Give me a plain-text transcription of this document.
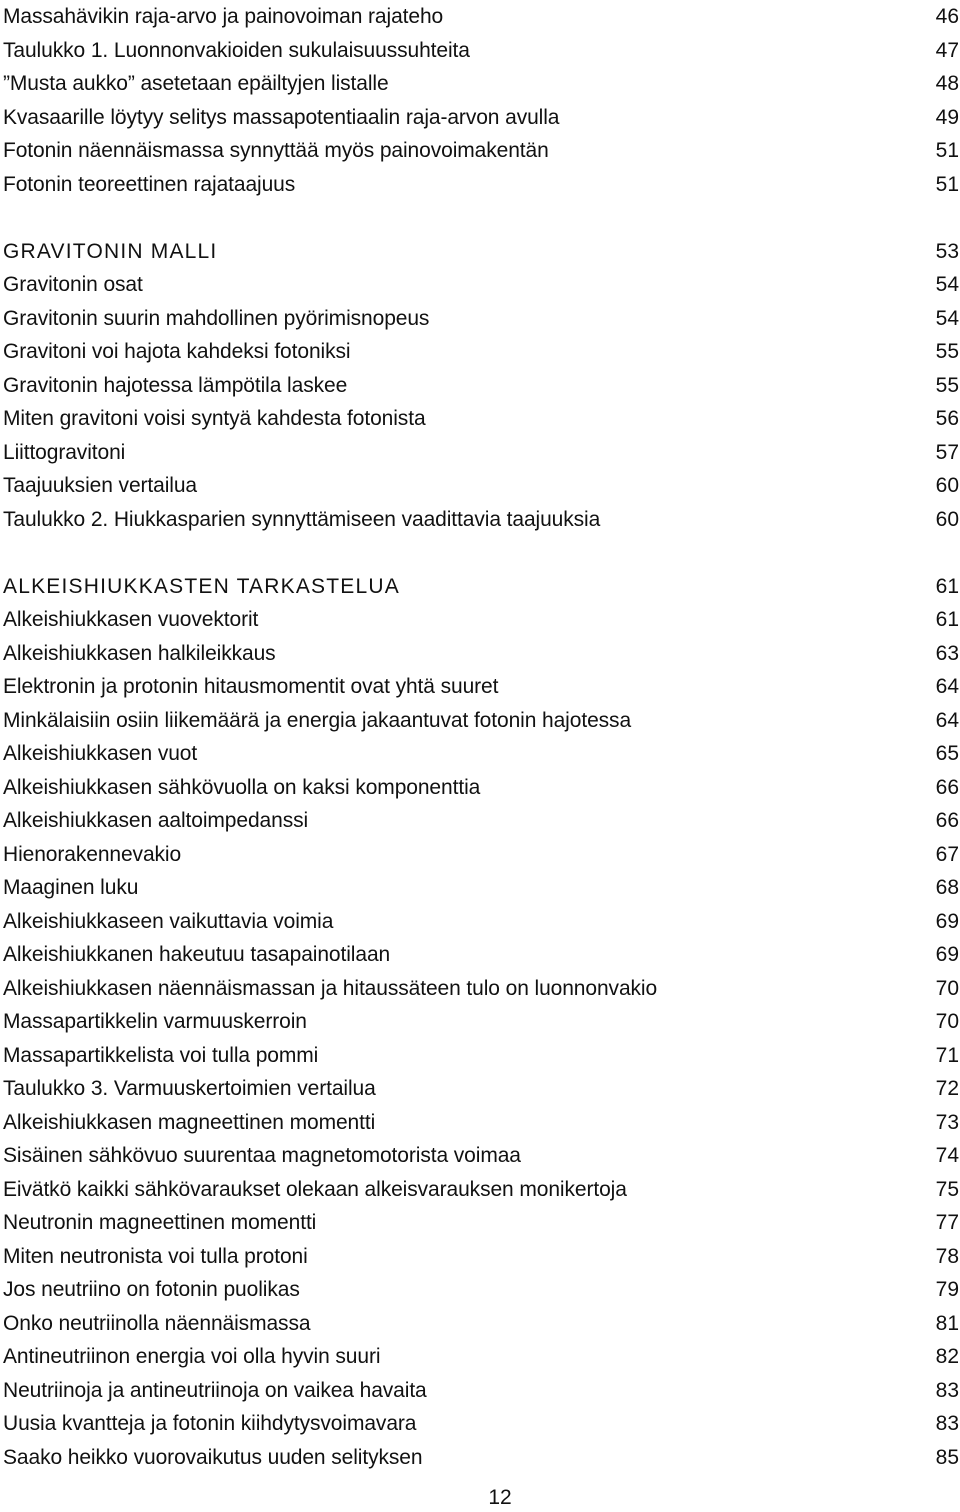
Massahävikin raja-arvo ja painovoiman rajateho	46
Taulukko 1. Luonnonvakioiden sukulaisuussuhteita	47
”Musta aukko” asetetaan epäiltyjen listalle	48
Kvasaarille löytyy selitys massapotentiaalin raja-arvon avulla	49
Fotonin näennäismassa synnyttää myös painovoimakentän	51
Fotonin teoreettinen rajataajuus	51
GRAVITONIN MALLI	53
Gravitonin osat	54
Gravitonin suurin mahdollinen pyörimisnopeus	54
Gravitoni voi hajota kahdeksi fotoniksi	55
Gravitonin hajotessa lämpötila laskee	55
Miten gravitoni voisi syntyä kahdesta fotonista	56
Liittogravitoni	57
Taajuuksien vertailua	60
Taulukko 2. Hiukkasparien synnyttämiseen vaadittavia taajuuksia	60
ALKEISHIUKKASTEN TARKASTELUA	61
Alkeishiukkasen vuovektorit	61
Alkeishiukkasen halkileikkaus	63
Elektronin ja protonin hitausmomentit ovat yhtä suuret	64
Minkälaisiin osiin liikemäärä ja energia jakaantuvat fotonin hajotessa	64
Alkeishiukkasen vuot	65
Alkeishiukkasen sähkövuolla on kaksi komponenttia	66
Alkeishiukkasen aaltoimpedanssi	66
Hienorakennevakio	67
Maaginen luku	68
Alkeishiukkaseen vaikuttavia voimia	69
Alkeishiukkanen hakeutuu tasapainotilaan	69
Alkeishiukkasen näennäismassan ja hitaussäteen tulo on luonnonvakio	70
Massapartikkelin varmuuskerroin	70
Massapartikkelista voi tulla pommi	71
Taulukko 3. Varmuuskertoimien vertailua	72
Alkeishiukkasen magneettinen momentti	73
Sisäinen sähkövuo suurentaa magnetomotorista voimaa	74
Eivätkö kaikki sähkövaraukset olekaan alkeisvarauksen monikertoja	75
Neutronin magneettinen momentti	77
Miten neutronista voi tulla protoni	78
Jos neutriino on fotonin puolikas	79
Onko neutriinolla näennäismassa	81
Antineutriinon energia voi olla hyvin suuri	82
Neutriinoja ja antineutriinoja on vaikea havaita	83
Uusia kvantteja ja fotonin kiihdytysvoimavara	83
Saako heikko vuorovaikutus uuden selityksen	85
12
